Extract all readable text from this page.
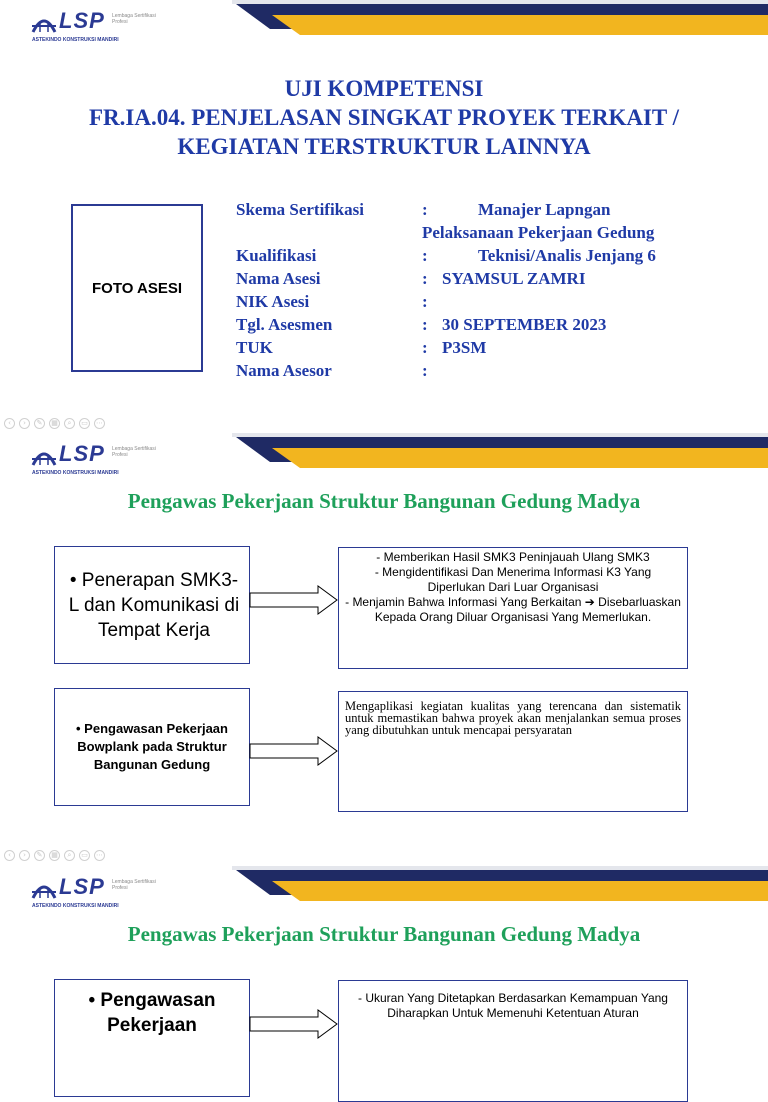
LSP Lembaga Sertifikasi Profesi
ASTEKINDO KONSTRUKSI MANDIRI
UJI KOMPETENSI
FR.IA.04. PENJELASAN SINGKAT PROYEK TERKAIT /
KEGIATAN TERSTRUKTUR LAINNYA
FOTO ASESI
Skema Sertifikasi	:	Manajer Lapngan
Pelaksanaan Pekerjaan Gedung
Kualifikasi	:	Teknisi/Analis Jenjang 6
Nama Asesi	: SYAMSUL ZAMRI
NIK Asesi	:
Tgl. Asesmen	: 30 SEPTEMBER 2023
TUK	: P3SM
Nama Asesor	:
‹	›	✎	▦	⌕	▭	⋯
LSP Lembaga Sertifikasi Profesi
ASTEKINDO KONSTRUKSI MANDIRI
Pengawas Pekerjaan Struktur Bangunan Gedung Madya
• Penerapan SMK3-L dan Komunikasi di Tempat Kerja
- Memberikan Hasil SMK3 Peninjauah Ulang SMK3
- Mengidentifikasi Dan Menerima Informasi K3 Yang Diperlukan Dari Luar Organisasi
- Menjamin Bahwa Informasi Yang Berkaitan ➔ Disebarluaskan Kepada Orang Diluar Organisasi Yang Memerlukan.
• Pengawasan Pekerjaan Bowplank pada Struktur Bangunan Gedung
Mengaplikasi kegiatan kualitas yang terencana dan sistematik untuk memastikan bahwa proyek akan menjalankan semua proses yang dibutuhkan untuk mencapai persyaratan
‹	›	✎	▦	⌕	▭	⋯
LSP Lembaga Sertifikasi Profesi
ASTEKINDO KONSTRUKSI MANDIRI
Pengawas Pekerjaan Struktur Bangunan Gedung Madya
• Pengawasan Pekerjaan
- Ukuran Yang Ditetapkan Berdasarkan Kemampuan Yang Diharapkan Untuk Memenuhi Ketentuan Aturan
